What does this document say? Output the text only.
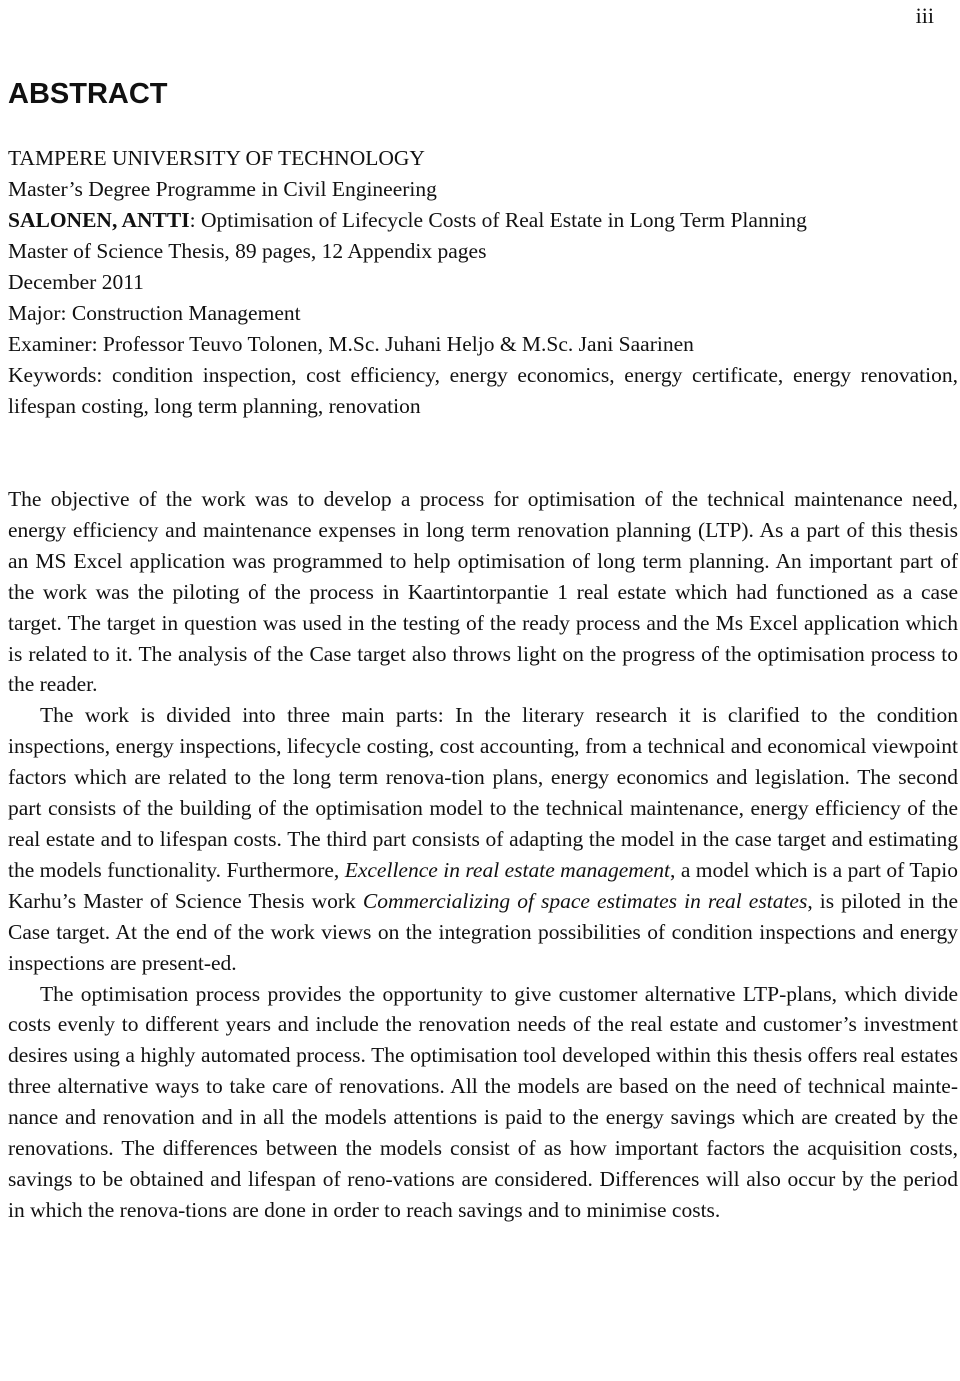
iii
ABSTRACT
TAMPERE UNIVERSITY OF TECHNOLOGY
Master’s Degree Programme in Civil Engineering
SALONEN, ANTTI: Optimisation of Lifecycle Costs of Real Estate in Long Term Planning
Master of Science Thesis, 89 pages, 12 Appendix pages
December 2011
Major: Construction Management
Examiner: Professor Teuvo Tolonen, M.Sc. Juhani Heljo & M.Sc. Jani Saarinen
Keywords: condition inspection, cost efficiency, energy economics, energy certificate, energy renovation, lifespan costing, long term planning, renovation

The objective of the work was to develop a process for optimisation of the technical maintenance need, energy efficiency and maintenance expenses in long term renovation planning (LTP). As a part of this thesis an MS Excel application was programmed to help optimisation of long term planning. An important part of the work was the piloting of the process in Kaartintorpantie 1 real estate which had functioned as a case target. The target in question was used in the testing of the ready process and the Ms Excel application which is related to it. The analysis of the Case target also throws light on the progress of the optimisation process to the reader.

The work is divided into three main parts: In the literary research it is clarified to the condition inspections, energy inspections, lifecycle costing, cost accounting, from a technical and economical viewpoint factors which are related to the long term renova-tion plans, energy economics and legislation. The second part consists of the building of the optimisation model to the technical maintenance, energy efficiency of the real estate and to lifespan costs. The third part consists of adapting the model in the case target and estimating the models functionality. Furthermore, Excellence in real estate management, a model which is a part of Tapio Karhu’s Master of Science Thesis work Commercializing of space estimates in real estates, is piloted in the Case target. At the end of the work views on the integration possibilities of condition inspections and energy inspections are present-ed.

The optimisation process provides the opportunity to give customer alternative LTP-plans, which divide costs evenly to different years and include the renovation needs of the real estate and customer’s investment desires using a highly automated process. The optimisation tool developed within this thesis offers real estates three alternative ways to take care of renovations. All the models are based on the need of technical mainte-nance and renovation and in all the models attentions is paid to the energy savings which are created by the renovations. The differences between the models consist of as how important factors the acquisition costs, savings to be obtained and lifespan of reno-vations are considered. Differences will also occur by the period in which the renova-tions are done in order to reach savings and to minimise costs.
